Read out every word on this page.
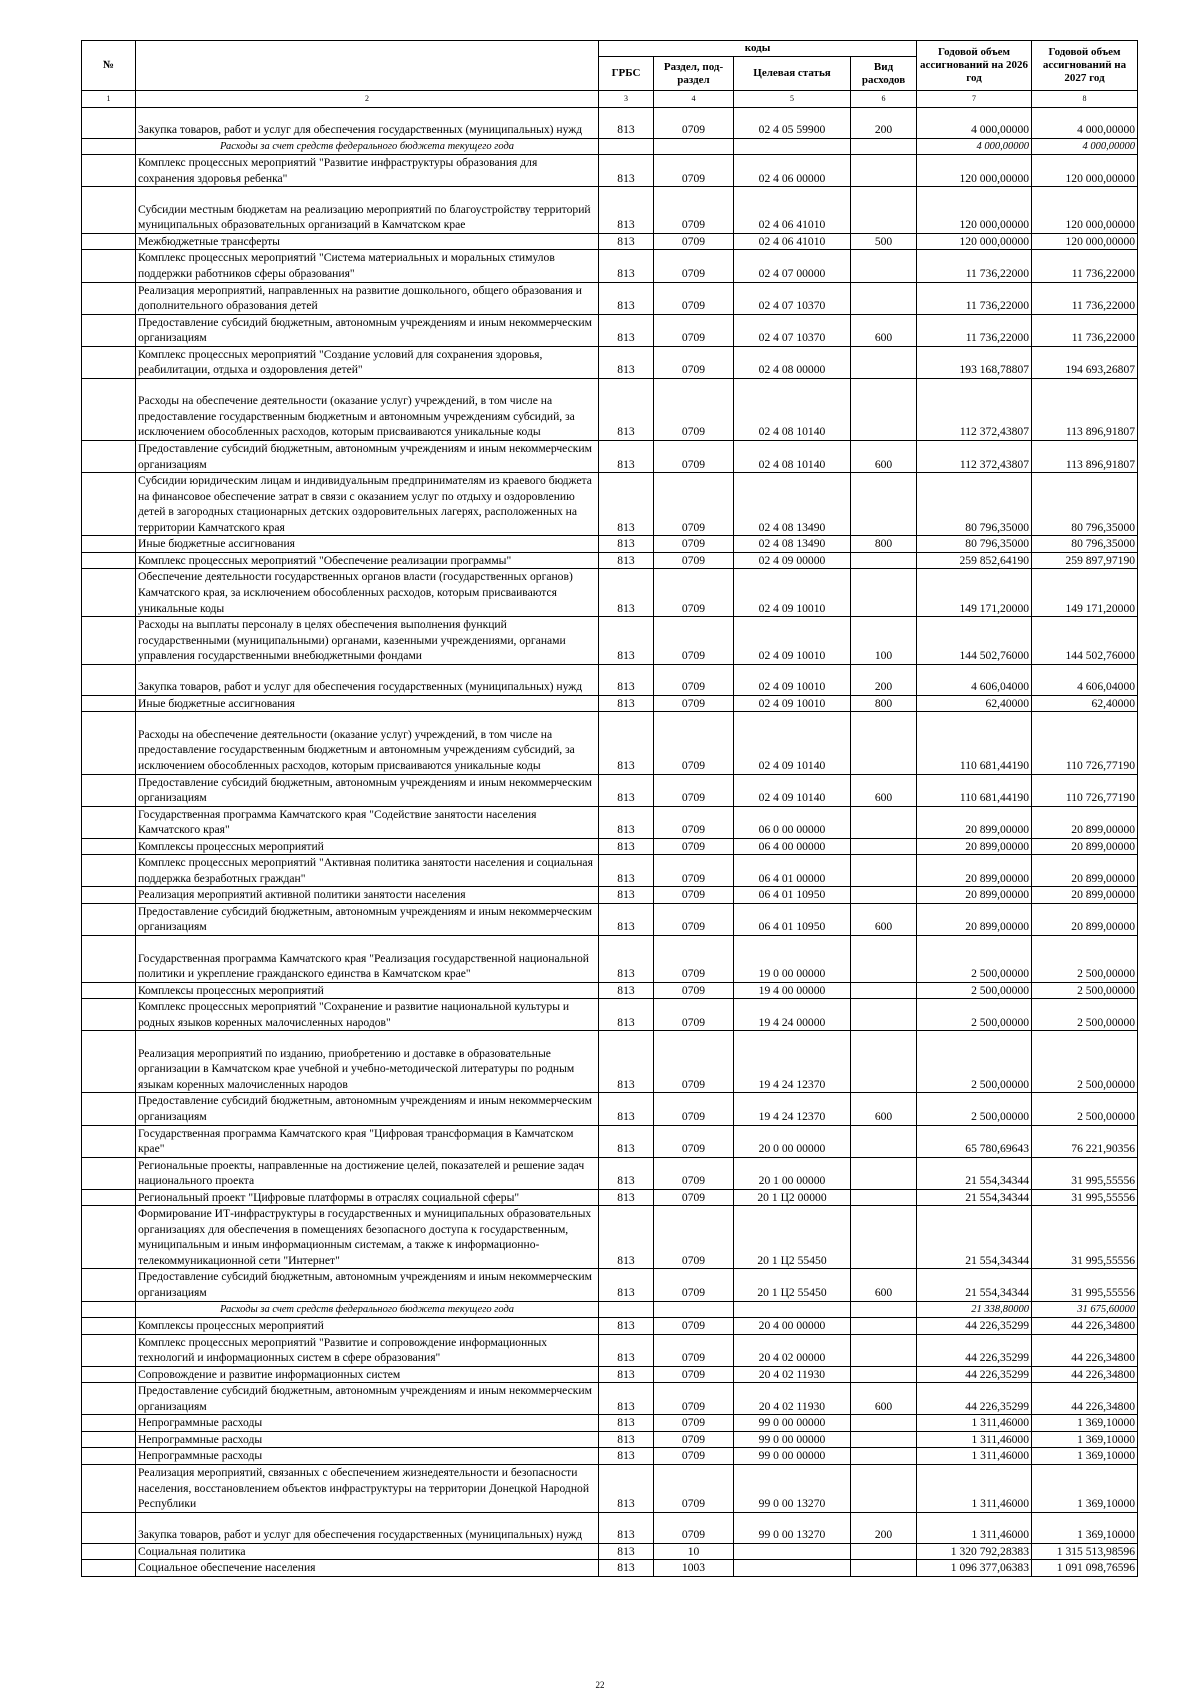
№		коды				Годовой объем ассигнований на 2026 год	Годовой объем ассигнований на 2027 год
		ГРБС	Раздел, под-раздел	Целевая статья	Вид расходов		
1	2	3	4	5	6	7	8
	Закупка товаров, работ и услуг для обеспечения государственных (муниципальных) нужд	813	0709	02 4 05 59900	200	4 000,00000	4 000,00000
	Расходы за счет средств федерального бюджета текущего года					4 000,00000	4 000,00000
	Комплекс процессных мероприятий "Развитие инфраструктуры образования для сохранения здоровья ребенка"	813	0709	02 4 06 00000		120 000,00000	120 000,00000
	Субсидии местным бюджетам на реализацию мероприятий по благоустройству территорий муниципальных образовательных организаций в Камчатском крае	813	0709	02 4 06 41010		120 000,00000	120 000,00000
	Межбюджетные трансферты	813	0709	02 4 06 41010	500	120 000,00000	120 000,00000
	Комплекс процессных мероприятий "Система материальных и моральных стимулов поддержки работников сферы образования"	813	0709	02 4 07 00000		11 736,22000	11 736,22000
	Реализация мероприятий, направленных на развитие дошкольного, общего образования и дополнительного образования детей	813	0709	02 4 07 10370		11 736,22000	11 736,22000
	Предоставление субсидий бюджетным, автономным учреждениям и иным некоммерческим организациям	813	0709	02 4 07 10370	600	11 736,22000	11 736,22000
	Комплекс процессных мероприятий "Создание условий для сохранения здоровья, реабилитации, отдыха и оздоровления детей"	813	0709	02 4 08 00000		193 168,78807	194 693,26807
	Расходы на обеспечение деятельности (оказание услуг) учреждений, в том числе на предоставление государственным бюджетным и автономным учреждениям субсидий, за исключением обособленных расходов, которым присваиваются уникальные коды	813	0709	02 4 08 10140		112 372,43807	113 896,91807
	Предоставление субсидий бюджетным, автономным учреждениям и иным некоммерческим организациям	813	0709	02 4 08 10140	600	112 372,43807	113 896,91807
	Субсидии юридическим лицам и индивидуальным предпринимателям из краевого бюджета на финансовое обеспечение затрат в связи с оказанием услуг по отдыху и оздоровлению детей в загородных стационарных детских оздоровительных лагерях, расположенных на территории Камчатского края	813	0709	02 4 08 13490		80 796,35000	80 796,35000
	Иные бюджетные ассигнования	813	0709	02 4 08 13490	800	80 796,35000	80 796,35000
	Комплекс процессных мероприятий "Обеспечение реализации программы"	813	0709	02 4 09 00000		259 852,64190	259 897,97190
	Обеспечение деятельности государственных органов власти (государственных органов) Камчатского края, за исключением обособленных расходов, которым присваиваются уникальные коды	813	0709	02 4 09 10010		149 171,20000	149 171,20000
	Расходы на выплаты персоналу в целях обеспечения выполнения функций государственными (муниципальными) органами, казенными учреждениями, органами управления государственными внебюджетными фондами	813	0709	02 4 09 10010	100	144 502,76000	144 502,76000
	Закупка товаров, работ и услуг для обеспечения государственных (муниципальных) нужд	813	0709	02 4 09 10010	200	4 606,04000	4 606,04000
	Иные бюджетные ассигнования	813	0709	02 4 09 10010	800	62,40000	62,40000
	Расходы на обеспечение деятельности (оказание услуг) учреждений, в том числе на предоставление государственным бюджетным и автономным учреждениям субсидий, за исключением обособленных расходов, которым присваиваются уникальные коды	813	0709	02 4 09 10140		110 681,44190	110 726,77190
	Предоставление субсидий бюджетным, автономным учреждениям и иным некоммерческим организациям	813	0709	02 4 09 10140	600	110 681,44190	110 726,77190
	Государственная программа Камчатского края "Содействие занятости населения Камчатского края"	813	0709	06 0 00 00000		20 899,00000	20 899,00000
	Комплексы процессных мероприятий	813	0709	06 4 00 00000		20 899,00000	20 899,00000
	Комплекс процессных мероприятий "Активная политика занятости населения и социальная поддержка безработных граждан"	813	0709	06 4 01 00000		20 899,00000	20 899,00000
	Реализация мероприятий активной политики занятости населения	813	0709	06 4 01 10950		20 899,00000	20 899,00000
	Предоставление субсидий бюджетным, автономным учреждениям и иным некоммерческим организациям	813	0709	06 4 01 10950	600	20 899,00000	20 899,00000
	Государственная программа Камчатского края "Реализация государственной национальной политики и укрепление гражданского единства в Камчатском крае"	813	0709	19 0 00 00000		2 500,00000	2 500,00000
	Комплексы процессных мероприятий	813	0709	19 4 00 00000		2 500,00000	2 500,00000
	Комплекс процессных мероприятий "Сохранение и развитие национальной культуры и родных языков коренных малочисленных народов"	813	0709	19 4 24 00000		2 500,00000	2 500,00000
	Реализация мероприятий по изданию, приобретению и доставке в образовательные организации в Камчатском крае учебной и учебно-методической литературы по родным языкам коренных малочисленных народов	813	0709	19 4 24 12370		2 500,00000	2 500,00000
	Предоставление субсидий бюджетным, автономным учреждениям и иным некоммерческим организациям	813	0709	19 4 24 12370	600	2 500,00000	2 500,00000
	Государственная программа Камчатского края "Цифровая трансформация в Камчатском крае"	813	0709	20 0 00 00000		65 780,69643	76 221,90356
	Региональные проекты, направленные на достижение целей, показателей и решение задач национального проекта	813	0709	20 1 00 00000		21 554,34344	31 995,55556
	Региональный проект "Цифровые платформы в отраслях социальной сферы"	813	0709	20 1 Ц2 00000		21 554,34344	31 995,55556
	Формирование ИТ-инфраструктуры в государственных и муниципальных образовательных организациях для обеспечения в помещениях безопасного доступа к государственным, муниципальным и иным информационным системам, а также к информационно-телекоммуникационной сети "Интернет"	813	0709	20 1 Ц2 55450		21 554,34344	31 995,55556
	Предоставление субсидий бюджетным, автономным учреждениям и иным некоммерческим организациям	813	0709	20 1 Ц2 55450	600	21 554,34344	31 995,55556
	Расходы за счет средств федерального бюджета текущего года					21 338,80000	31 675,60000
	Комплексы процессных мероприятий	813	0709	20 4 00 00000		44 226,35299	44 226,34800
	Комплекс процессных мероприятий "Развитие и сопровождение информационных технологий и информационных систем в сфере образования"	813	0709	20 4 02 00000		44 226,35299	44 226,34800
	Сопровождение и развитие информационных систем	813	0709	20 4 02 11930		44 226,35299	44 226,34800
	Предоставление субсидий бюджетным, автономным учреждениям и иным некоммерческим организациям	813	0709	20 4 02 11930	600	44 226,35299	44 226,34800
	Непрограммные расходы	813	0709	99 0 00 00000		1 311,46000	1 369,10000
	Непрограммные расходы	813	0709	99 0 00 00000		1 311,46000	1 369,10000
	Непрограммные расходы	813	0709	99 0 00 00000		1 311,46000	1 369,10000
	Реализация мероприятий, связанных с обеспечением жизнедеятельности и безопасности населения, восстановлением объектов инфраструктуры на территории Донецкой Народной Республики	813	0709	99 0 00 13270		1 311,46000	1 369,10000
	Закупка товаров, работ и услуг для обеспечения государственных (муниципальных) нужд	813	0709	99 0 00 13270	200	1 311,46000	1 369,10000
	Социальная политика	813	10			1 320 792,28383	1 315 513,98596
	Социальное обеспечение населения	813	1003			1 096 377,06383	1 091 098,76596
22
